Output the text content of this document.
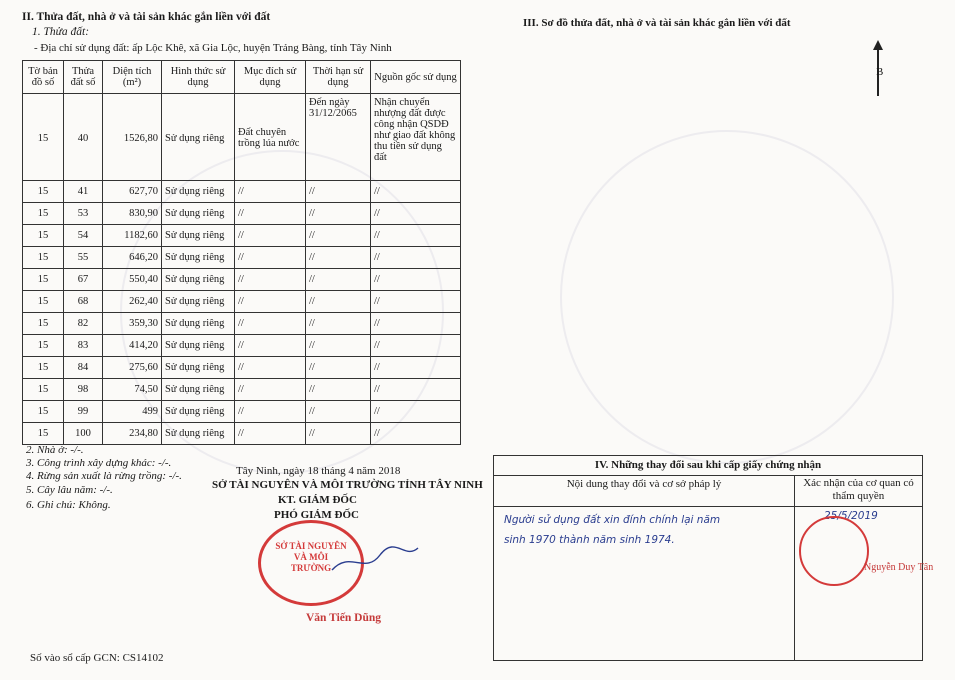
II. Thửa đất, nhà ở và tài sản khác gắn liền với đất
1. Thửa đất:
- Địa chỉ sử dụng đất: ấp Lộc Khê, xã Gia Lộc, huyện Trảng Bàng, tỉnh Tây Ninh
Tờ bản đồ số	Thửa đất số	Diện tích (m²)	Hình thức sử dụng	Mục đích sử dụng	Thời hạn sử dụng	Nguồn gốc sử dụng
15	40	1526,80	Sử dụng riêng	Đất chuyên trồng lúa nước	Đến ngày 31/12/2065	Nhận chuyển nhượng đất được công nhận QSDĐ như giao đất không thu tiền sử dụng đất
15	41	627,70	Sử dụng riêng	//	//	//
15	53	830,90	Sử dụng riêng	//	//	//
15	54	1182,60	Sử dụng riêng	//	//	//
15	55	646,20	Sử dụng riêng	//	//	//
15	67	550,40	Sử dụng riêng	//	//	//
15	68	262,40	Sử dụng riêng	//	//	//
15	82	359,30	Sử dụng riêng	//	//	//
15	83	414,20	Sử dụng riêng	//	//	//
15	84	275,60	Sử dụng riêng	//	//	//
15	98	74,50	Sử dụng riêng	//	//	//
15	99	499	Sử dụng riêng	//	//	//
15	100	234,80	Sử dụng riêng	//	//	//
2. Nhà ở: -/-.
3. Công trình xây dựng khác: -/-.
4. Rừng sản xuất là rừng trồng: -/-.
5. Cây lâu năm: -/-.
6. Ghi chú: Không.
Tây Ninh, ngày 18 tháng 4 năm 2018
SỞ TÀI NGUYÊN VÀ MÔI TRƯỜNG TỈNH TÂY NINH
KT. GIÁM ĐỐC
PHÓ GIÁM ĐỐC
SỞ TÀI NGUYÊN VÀ MÔI TRƯỜNG
Văn Tiến Dũng
Số vào sổ cấp GCN: CS14102
III. Sơ đồ thửa đất, nhà ở và tài sản khác gắn liền với đất
B
IV. Những thay đổi sau khi cấp giấy chứng nhận
Nội dung thay đổi và cơ sở pháp lý	Xác nhận của cơ quan có thẩm quyền
Người sử dụng đất xin đính chính lại năm
sinh 1970 thành năm sinh 1974.
25/5/2019
Nguyễn Duy Tân
